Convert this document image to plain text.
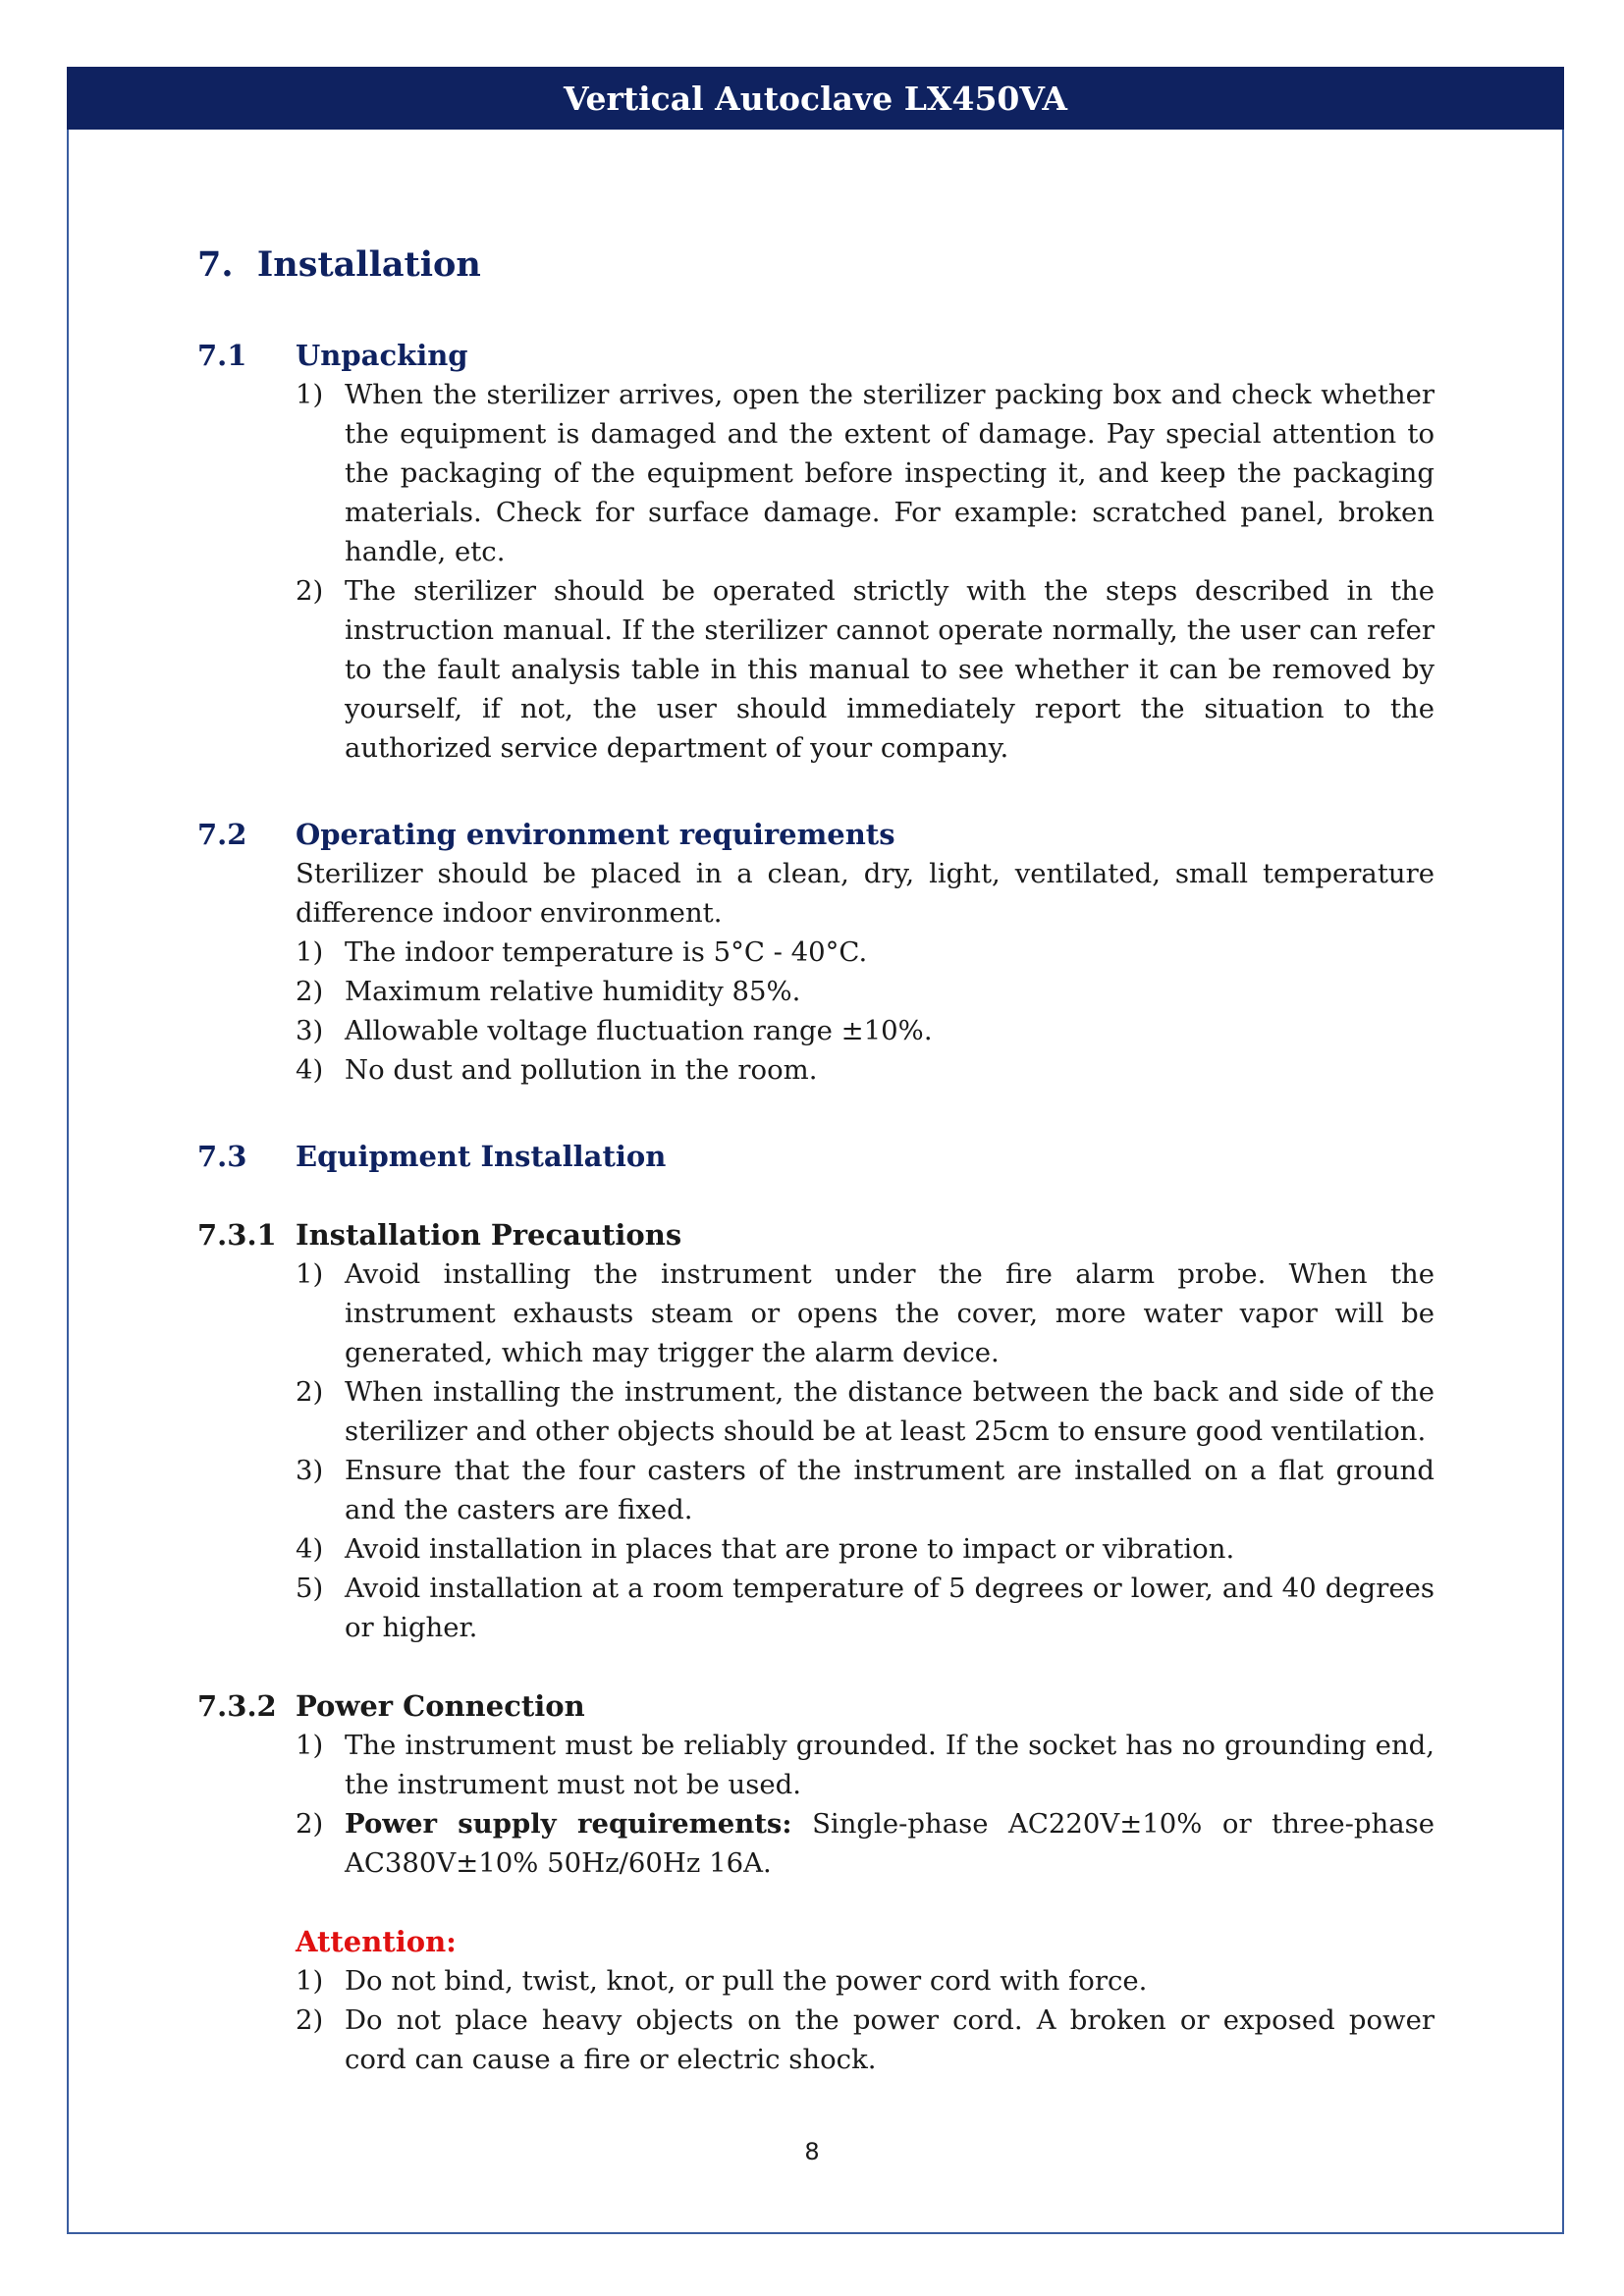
Vertical Autoclave LX450VA
7. Installation
7.1	Unpacking
1) When the sterilizer arrives, open the sterilizer packing box and check whether the equipment is damaged and the extent of damage. Pay special attention to the packaging of the equipment before inspecting it, and keep the packaging materials. Check for surface damage. For example: scratched panel, broken handle, etc.
2) The sterilizer should be operated strictly with the steps described in the instruction manual. If the sterilizer cannot operate normally, the user can refer to the fault analysis table in this manual to see whether it can be removed by yourself, if not, the user should immediately report the situation to the authorized service department of your company.
7.2	Operating environment requirements
Sterilizer should be placed in a clean, dry, light, ventilated, small temperature difference indoor environment.
1) The indoor temperature is 5°C - 40°C.
2) Maximum relative humidity 85%.
3) Allowable voltage fluctuation range ±10%.
4) No dust and pollution in the room.
7.3	Equipment Installation
7.3.1 Installation Precautions
1) Avoid installing the instrument under the fire alarm probe. When the instrument exhausts steam or opens the cover, more water vapor will be generated, which may trigger the alarm device.
2) When installing the instrument, the distance between the back and side of the sterilizer and other objects should be at least 25cm to ensure good ventilation.
3) Ensure that the four casters of the instrument are installed on a flat ground and the casters are fixed.
4) Avoid installation in places that are prone to impact or vibration.
5) Avoid installation at a room temperature of 5 degrees or lower, and 40 degrees or higher.
7.3.2 Power Connection
1) The instrument must be reliably grounded. If the socket has no grounding end, the instrument must not be used.
2) Power supply requirements: Single-phase AC220V±10% or three-phase AC380V±10% 50Hz/60Hz 16A.
Attention:
1) Do not bind, twist, knot, or pull the power cord with force.
2) Do not place heavy objects on the power cord. A broken or exposed power cord can cause a fire or electric shock.
8
